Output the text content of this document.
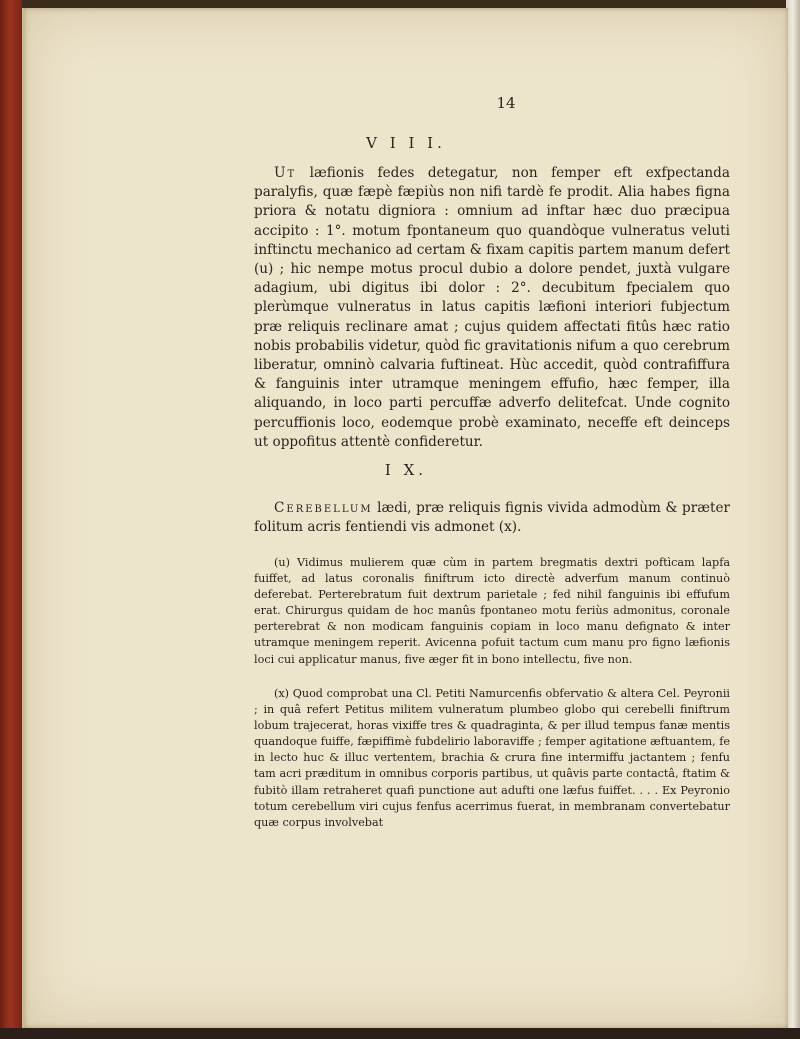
14
V I I I.

Ut læfionis fedes detegatur, non femper eft exfpectanda paralyfis, quæ fæpè fæpiùs non nifi tardè fe prodit. Alia habes figna priora & notatu digniora : omnium ad inftar hæc duo præcipua accipito : 1°. motum fpontaneum quo quandòque vulneratus veluti inftinctu mechanico ad certam & fixam capitis partem manum defert (u) ; hic nempe motus procul dubio a dolore pendet, juxtà vulgare adagium, ubi digitus ibi dolor : 2°. decubitum fpecialem quo plerùmque vulneratus in latus capitis læfioni interiori fubjectum præ reliquis reclinare amat ; cujus quidem affectati fitûs hæc ratio nobis probabilis videtur, quòd fic gravitationis nifum a quo cerebrum liberatur, omninò calvaria fuftineat. Hùc accedit, quòd contrafiffura & fanguinis inter utramque meningem effufio, hæc femper, illa aliquando, in loco parti percuffæ adverfo delitefcat. Unde cognito percuffionis loco, eodemque probè examinato, neceffe eft deinceps ut oppofitus attentè confideretur.

I X.

Cerebellum lædi, præ reliquis fignis vivida admodùm & præter folitum acris fentiendi vis admonet (x).

(u) Vidimus mulierem quæ cùm in partem bregmatis dextri poftìcam lapfa fuiffet, ad latus coronalis finiftrum icto directè adverfum manum continuò deferebat. Perterebratum fuit dextrum parietale ; fed nihil fanguinis ibi effufum erat. Chirurgus quidam de hoc manûs fpontaneo motu feriùs admonitus, coronale perterebrat & non modicam fanguinis copiam in loco manu defignato & inter utramque meningem reperit. Avicenna pofuit tactum cum manu pro figno læfionis loci cui applicatur manus, five æger fit in bono intellectu, five non.

(x) Quod comprobat una Cl. Petiti Namurcenfis obfervatio & altera Cel. Peyronii ; in quâ refert Petitus militem vulneratum plumbeo globo qui cerebelli finiftrum lobum trajecerat, horas vixiffe tres & quadraginta, & per illud tempus fanæ mentis quandoque fuiffe, fæpiffimè fubdelirio laboraviffe ; femper agitatione æftuantem, fe in lecto huc & illuc vertentem, brachia & crura fine intermiffu jactantem ; fenfu tam acri præditum in omnibus corporis partibus, ut quâvis parte contactâ, ftatim & fubitò illam retraheret quafi punctione aut adufti one læfus fuiffet. . . . Ex Peyronio totum cerebellum viri cujus fenfus acerrimus fuerat, in membranam convertebatur quæ corpus involvebat
